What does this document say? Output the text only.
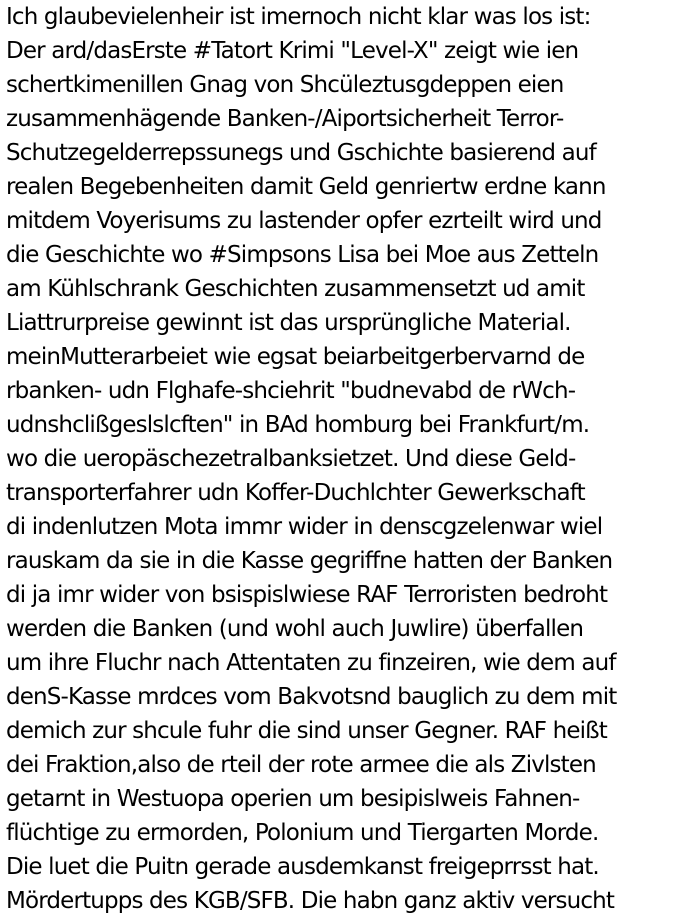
Ich glaubevielenheir ist imernoch nicht klar was los ist:
Der ard/dasErste #Tatort Krimi "Level-X" zeigt wie ien
schertkimenillen Gnag von Shcüleztusgdeppen eien
zusammenhägende Banken-/Aiportsicherheit Terror-
Schutzegelderrepssunegs und Gschichte basierend auf
realen Begebenheiten damit Geld genriertw erdne kann
mitdem Voyerisums zu lastender opfer ezrteilt wird und
die Geschichte wo #Simpsons Lisa bei Moe aus Zetteln
am Kühlschrank Geschichten zusammensetzt ud amit
Liattrurpreise gewinnt ist das ursprüngliche Material.
meinMutterarbeiet wie egsat beiarbeitgerbervarnd de
rbanken- udn Flghafe-shciehrit "budnevabd de rWch-
udnshclißgeslslcften" in BAd homburg bei Frankfurt/m.
wo die ueropäschezetralbanksietzet. Und diese Geld-
transporterfahrer udn Koffer-Duchlchter Gewerkschaft
di indenlutzen Mota immr wider in denscgzelenwar wiel
rauskam da sie in die Kasse gegriffne hatten der Banken
di ja imr wider von bsispislwiese RAF Terroristen bedroht
werden die Banken (und wohl auch Juwlire) überfallen
um ihre Fluchr nach Attentaten zu finzeiren, wie dem auf
denS-Kasse mrdces vom Bakvotsnd bauglich zu dem mit
demich zur shcule fuhr die sind unser Gegner. RAF heißt
dei Fraktion,also de rteil der rote armee die als Zivlsten
getarnt in Westuopa operien um besipislweis Fahnen-
flüchtige zu ermorden, Polonium und Tiergarten Morde.
Die luet die Puitn gerade ausdemkanst freigeprrsst hat.
Mördertupps des KGB/SFB. Die habn ganz aktiv versucht
